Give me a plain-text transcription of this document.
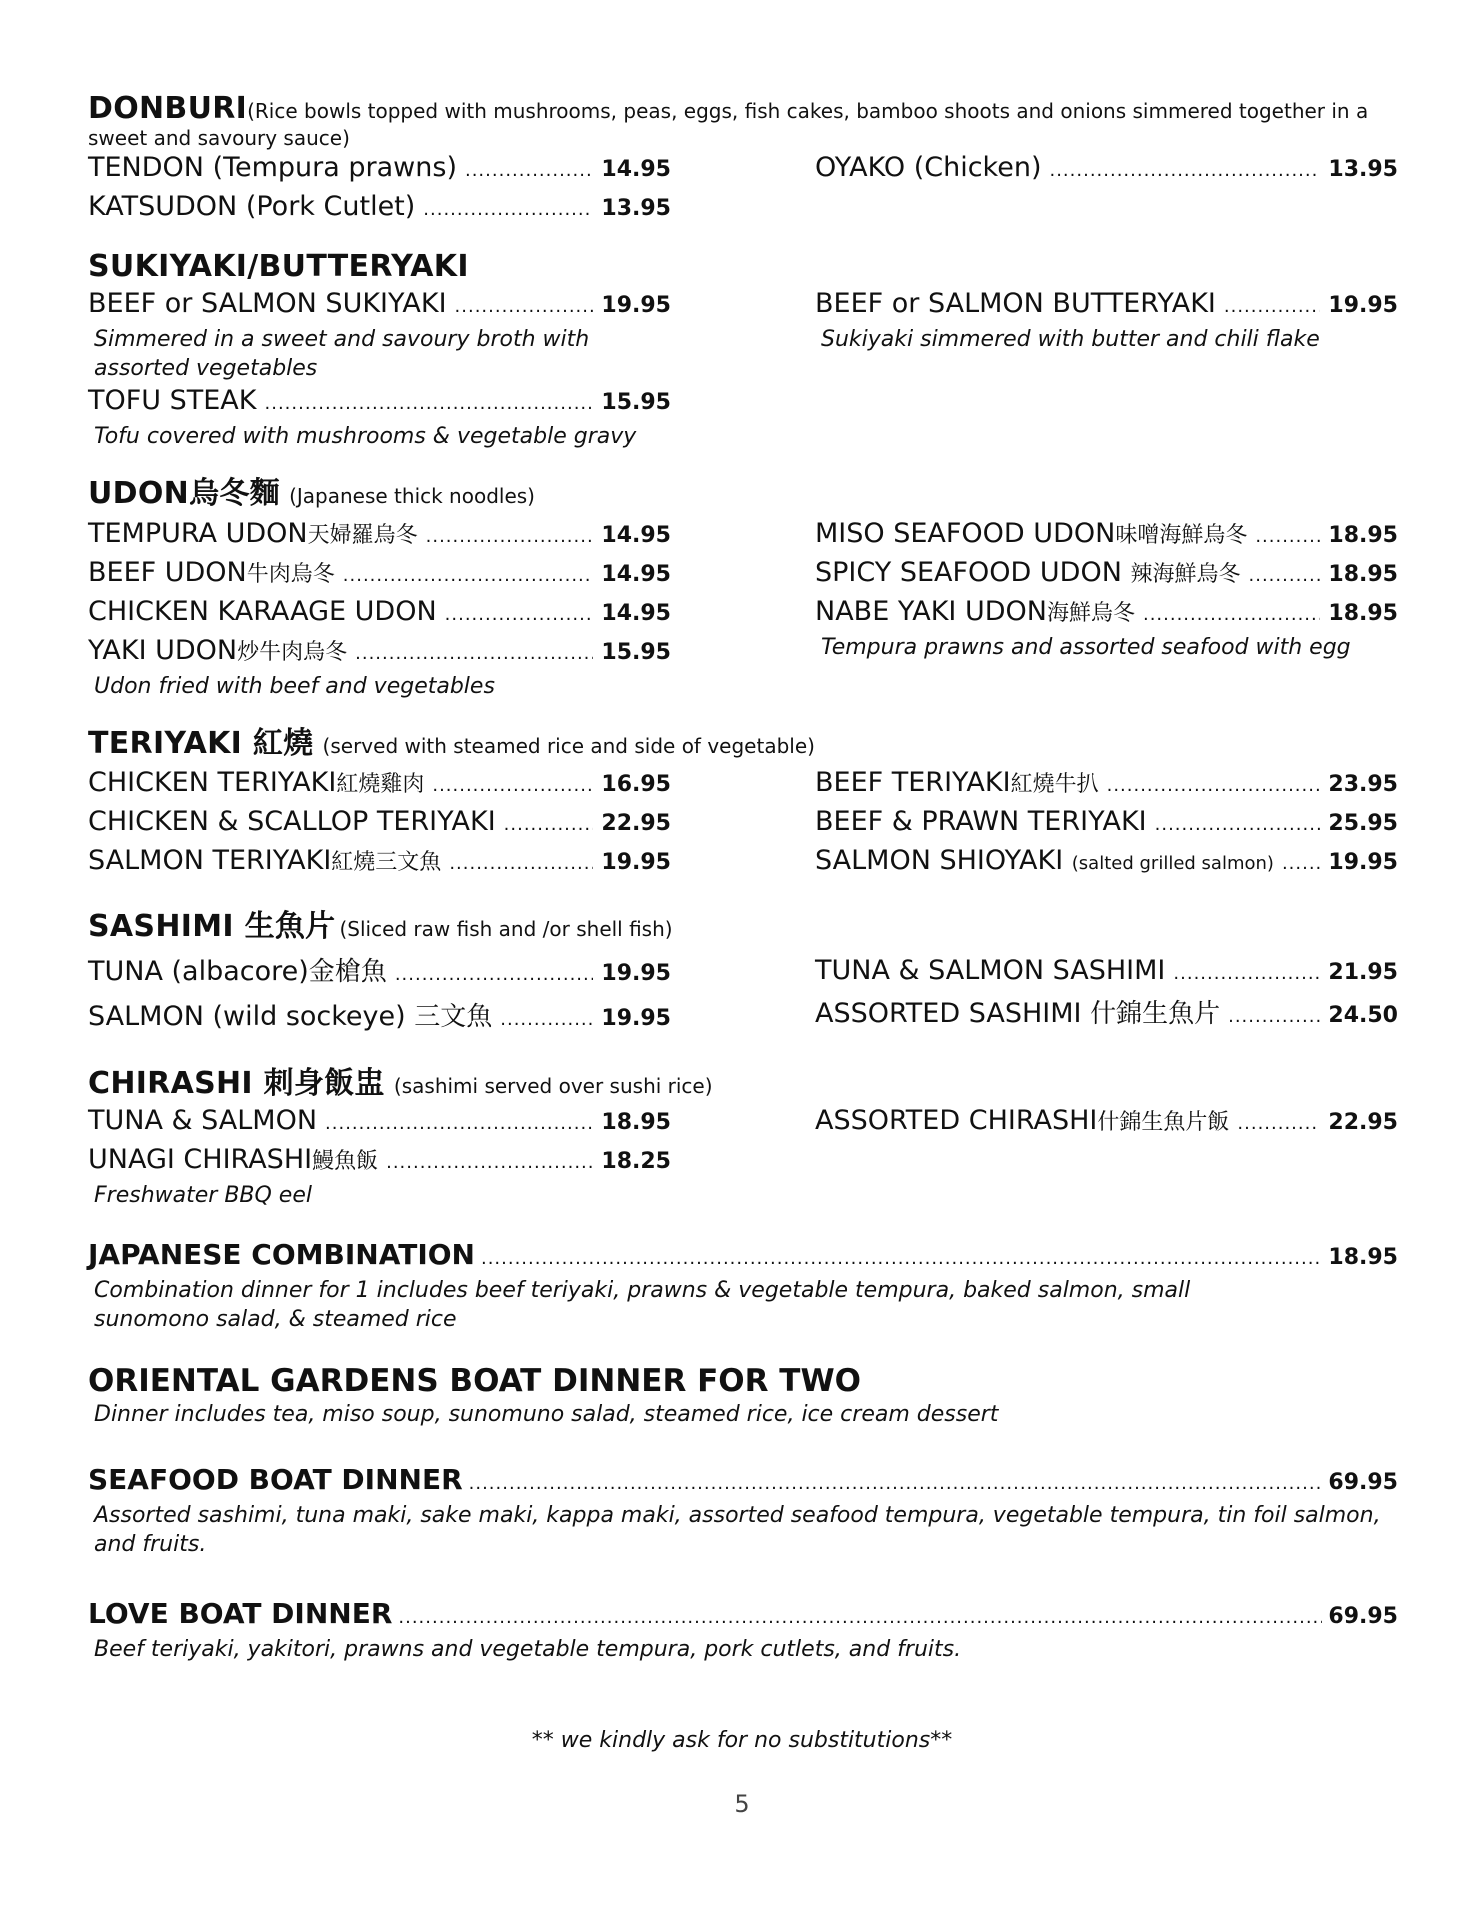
DONBURI(Rice bowls topped with mushrooms, peas, eggs, fish cakes, bamboo shoots and onions simmered together in a sweet and savoury sauce)
TENDON (Tempura prawns) .....	14.95
KATSUDON (Pork Cutlet) .....	13.95
OYAKO (Chicken) .....	13.95
SUKIYAKI/BUTTERYAKI
BEEF or SALMON SUKIYAKI .....	19.95
Simmered in a sweet and savoury broth with assorted vegetables
TOFU STEAK .....	15.95
Tofu covered with mushrooms & vegetable gravy
BEEF or SALMON BUTTERYAKI .....	19.95
Sukiyaki simmered with butter and chili flake
UDON烏冬麵 (Japanese thick noodles)
TEMPURA UDON 天婦羅烏冬 .....	14.95
BEEF UDON 牛肉烏冬 .....	14.95
CHICKEN KARAAGE UDON .....	14.95
YAKI UDON 炒牛肉烏冬 .....	15.95
Udon fried with beef and vegetables
MISO SEAFOOD UDON 味噌海鮮烏冬 .....	18.95
SPICY SEAFOOD UDON 辣海鮮烏冬 .....	18.95
NABE YAKI UDON 海鮮烏冬 .....	18.95
Tempura prawns and assorted seafood with egg
TERIYAKI 紅燒 (served with steamed rice and side of vegetable)
CHICKEN TERIYAKI 紅燒雞肉 .....	16.95
CHICKEN & SCALLOP TERIYAKI .....	22.95
SALMON TERIYAKI 紅燒三文魚 .....	19.95
BEEF TERIYAKI 紅燒牛扒 .....	23.95
BEEF & PRAWN TERIYAKI .....	25.95
SALMON SHIOYAKI (salted grilled salmon) ..... 19.95
SASHIMI 生魚片 (Sliced raw fish and /or shell fish)
TUNA (albacore) 金槍魚 .....	19.95
SALMON (wild sockeye) 三文魚 .....	19.95
TUNA & SALMON SASHIMI .....	21.95
ASSORTED SASHIMI 什錦生魚片 .....	24.50
CHIRASHI 刺身飯盅 (sashimi served over sushi rice)
TUNA & SALMON .....	18.95
UNAGI CHIRASHI 鰻魚飯 .....	18.25
Freshwater BBQ eel
ASSORTED CHIRASHI 什錦生魚片飯 .....	22.95
JAPANESE COMBINATION .....	18.95
Combination dinner for 1 includes beef teriyaki, prawns & vegetable tempura, baked salmon, small sunomono salad, & steamed rice
ORIENTAL GARDENS BOAT DINNER FOR TWO
Dinner includes tea, miso soup, sunomuno salad, steamed rice, ice cream dessert
SEAFOOD BOAT DINNER .....	69.95
Assorted sashimi, tuna maki, sake maki, kappa maki, assorted seafood tempura, vegetable tempura, tin foil salmon, and fruits.
LOVE BOAT DINNER .....	69.95
Beef teriyaki, yakitori, prawns and vegetable tempura, pork cutlets, and fruits.
** we kindly ask for no substitutions**
5
